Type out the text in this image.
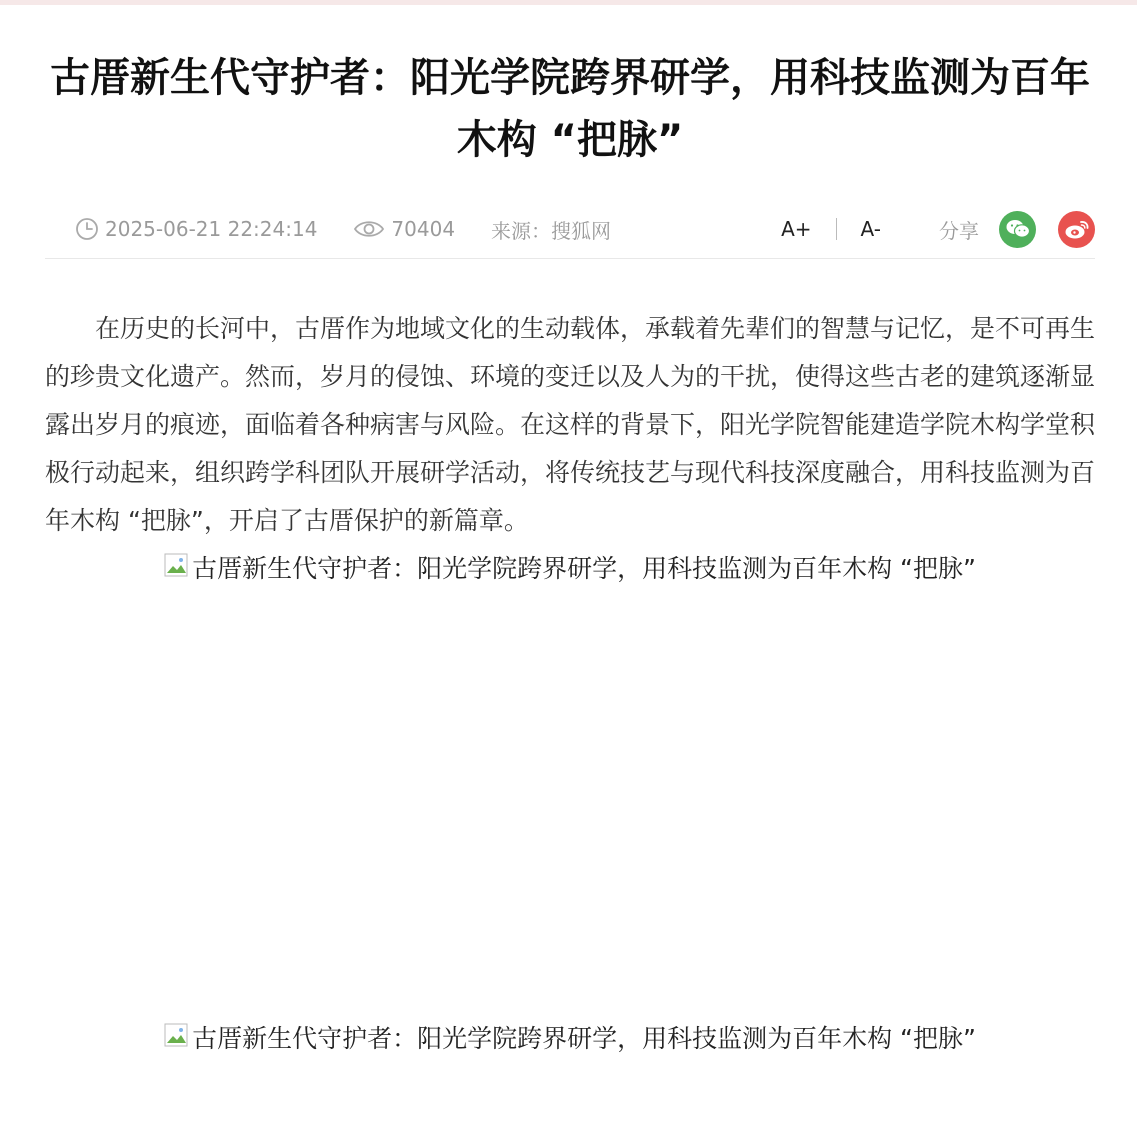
古厝新生代守护者：阳光学院跨界研学，用科技监测为百年木构 “把脉”
2025-06-21 22:24:14	70404 来源：搜狐网	A+	A-	分享

在历史的长河中，古厝作为地域文化的生动载体，承载着先辈们的智慧与记忆，是不可再生的珍贵文化遗产。然而，岁月的侵蚀、环境的变迁以及人为的干扰，使得这些古老的建筑逐渐显露出岁月的痕迹，面临着各种病害与风险。在这样的背景下，阳光学院智能建造学院木构学堂积极行动起来，组织跨学科团队开展研学活动，将传统技艺与现代科技深度融合，用科技监测为百年木构 “把脉”，开启了古厝保护的新篇章。

古厝新生代守护者：阳光学院跨界研学，用科技监测为百年木构 “把脉”
古厝新生代守护者：阳光学院跨界研学，用科技监测为百年木构 “把脉”
